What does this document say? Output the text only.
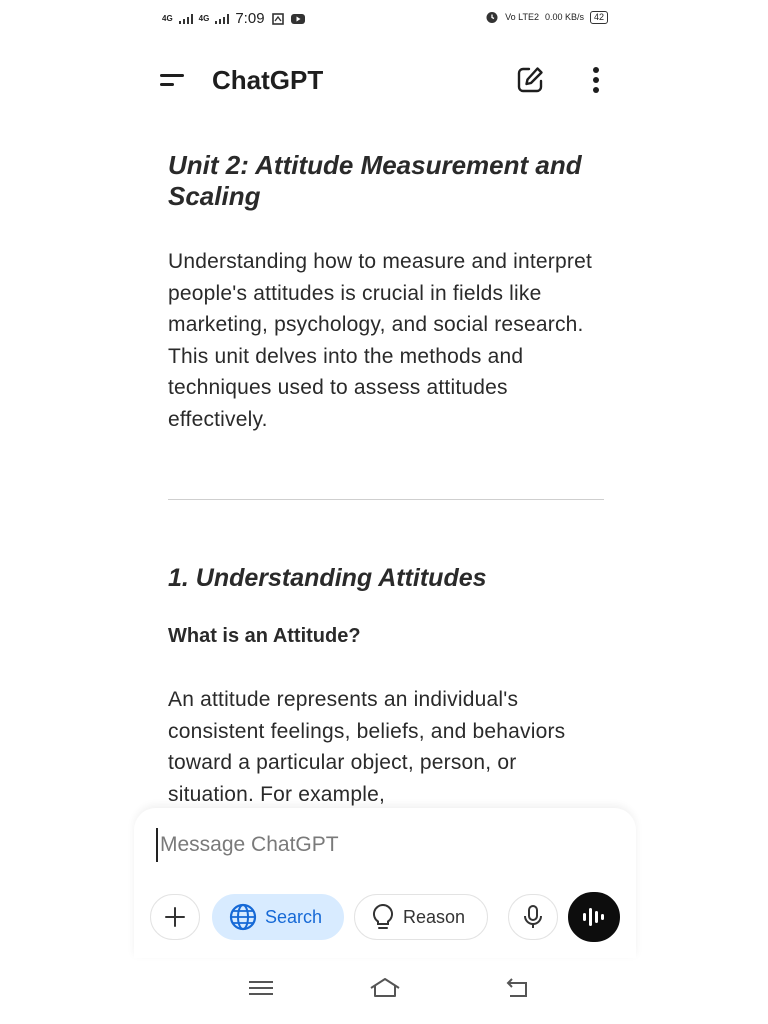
4G	4G 7:09	Vo LTE2 0.00 KB/s	42
ChatGPT
Unit 2: Attitude Measurement and Scaling

Understanding how to measure and interpret people's attitudes is crucial in fields like marketing, psychology, and social research. This unit delves into the methods and techniques used to assess attitudes effectively.

1. Understanding Attitudes
What is an Attitude?

An attitude represents an individual's consistent feelings, beliefs, and behaviors toward a particular object, person, or situation. For example,

Message ChatGPT
Search	Reason
